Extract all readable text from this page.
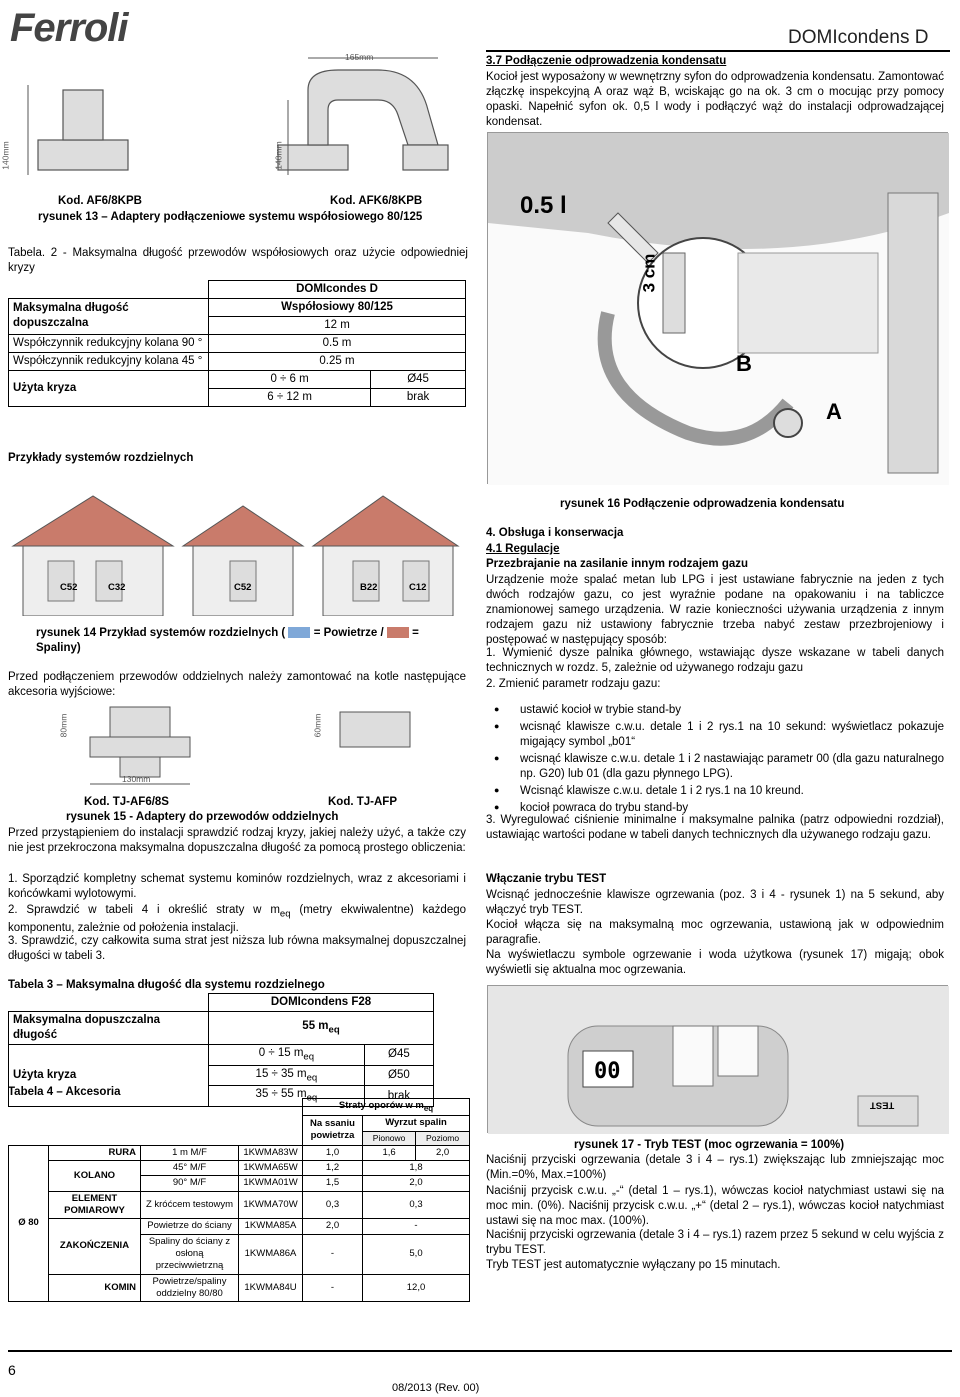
Ferroli	DOMIcondens D
165mm
140mm	140mm
Kod. AF6/8KPB	Kod. AFK6/8KPB
rysunek 13 – Adaptery podłączeniowe systemu współosiowego 80/125
Tabela. 2 - Maksymalna długość przewodów współosiowych oraz użycie odpowiedniej kryzy
	DOMIcondes D	
Maksymalna długość dopuszczalna	Współosiowy 80/125	
	12 m	
Współczynnik redukcyjny kolana 90 °	0.5 m	
Współczynnik redukcyjny kolana 45 °	0.25 m	
Użyta kryza	0 ÷ 6 m	Ø45
	6 ÷ 12 m	brak
3.7 Podłączenie odprowadzenia kondensatu
Kocioł jest wyposażony w wewnętrzny syfon do odprowadzenia kondensatu. Zamontować złączkę inspekcyjną A oraz wąż B, wciskając go na ok. 3 cm o mocując przy pomocy opaski. Napełnić syfon ok. 0,5 l wody i podłączyć wąż do instalacji odprowadzającej kondensat.
0.5 l
3 cm
B
A
rysunek 16 Podłączenie odprowadzenia kondensatu
Przykłady systemów rozdzielnych
C52	C32	C52	B22	C12
rysunek 14 Przykład systemów rozdzielnych ( = Powietrze / =
Spaliny)
Przed podłączeniem przewodów oddzielnych należy zamontować na kotle następujące akcesoria wyjściowe:
80mm	60mm
130mm
Kod. TJ-AF6/8S	Kod. TJ-AFP
rysunek 15 - Adaptery do przewodów oddzielnych
Przed przystąpieniem do instalacji sprawdzić rodzaj kryzy, jakiej należy użyć, a także czy nie jest przekroczona maksymalna dopuszczalna długość za pomocą prostego obliczenia:
1. Sporządzić kompletny schemat systemu kominów rozdzielnych, wraz z akcesoriami i końcówkami wylotowymi.
2. Sprawdzić w tabeli 4 i określić straty w $m_{eq}$ (metry ekwiwalentne) każdego komponentu, zależnie od położenia instalacji.
3. Sprawdzić, czy całkowita suma strat jest niższa lub równa maksymalnej dopuszczalnej długości w tabeli 3.
Tabela 3 – Maksymalna długość dla systemu rozdzielnego
	DOMIcondens F28	
Maksymalna dopuszczalna długość	55 $m_{eq}$
Użyta kryza	0 ÷ 15 $m_{eq}$	Ø45
	15 ÷ 35 $m_{eq}$	Ø50
	35 ÷ 55 $m_{eq}$	brak
Tabela 4 – Akcesoria
				Straty oporów w $m_{eq}$
				Na ssaniu powietrza	Wyrzut spalin	
					Pionowo	Poziomo
Ø 80	RURA	1 m M/F	1KWMA83W	1,0	1,6	2,0
	KOLANO	45° M/F	1KWMA65W	1,2	1,8	
		90° M/F	1KWMA01W	1,5	2,0	
	ELEMENT POMIAROWY	Z króćcem testowym	1KWMA70W	0,3	0,3	
	ZAKOŃCZENIA	Powietrze do ściany	1KWMA85A	2,0	-	
		Spaliny do ściany z osłoną przeciwwietrzną	1KWMA86A	-	5,0	
	KOMIN	Powietrze/spaliny oddzielny 80/80	1KWMA84U	-	12,0	
4. Obsługa i konserwacja
4.1 Regulacje
Przezbrajanie na zasilanie innym rodzajem gazu
Urządzenie może spalać metan lub LPG i jest ustawiane fabrycznie na jeden z tych dwóch rodzajów gazu, co jest wyraźnie podane na opakowaniu i na tabliczce znamionowej samego urządzenia. W razie konieczności używania urządzenia z innym rodzajem gazu niż ustawiony fabrycznie trzeba nabyć zestaw przezbrojeniowy i postępować w następujący sposób:
1. Wymienić dysze palnika głównego, wstawiając dysze wskazane w tabeli danych technicznych w rozdz. 5, zależnie od używanego rodzaju gazu
2. Zmienić parametr rodzaju gazu:
● ustawić kocioł w trybie stand-by
● wcisnąć klawisze c.w.u. detale 1 i 2 rys.1 na 10 sekund: wyświetlacz pokazuje migający symbol „b01“
● wcisnąć klawisze c.w.u. detale 1 i 2 nastawiając parametr 00 (dla gazu naturalnego np. G20) lub 01 (dla gazu płynnego LPG).
● Wcisnąć klawisze c.w.u. detale 1 i 2 rys.1 na 10 kreund.
● kocioł powraca do trybu stand-by
3. Wyregulować ciśnienie minimalne i maksymalne palnika (patrz odpowiedni rozdział), ustawiając wartości podane w tabeli danych technicznych dla używanego rodzaju gazu.
Włączanie trybu TEST
Wcisnąć jednocześnie klawisze ogrzewania (poz. 3 i 4 - rysunek 1) na 5 sekund, aby włączyć tryb TEST.
Kocioł włącza się na maksymalną moc ogrzewania, ustawioną jak w odpowiednim paragrafie.
Na wyświetlaczu symbole ogrzewanie i woda użytkowa (rysunek 17) migają; obok wyświetli się aktualna moc ogrzewania.
00
TEST
rysunek 17 - Tryb TEST (moc ogrzewania = 100%)
Naciśnij przyciski ogrzewania (detale 3 i 4 – rys.1) zwiększając lub zmniejszając moc (Min.=0%, Max.=100%)
Naciśnij przycisk c.w.u. „-“ (detal 1 – rys.1), wówczas kocioł natychmiast ustawi się na moc min. (0%). Naciśnij przycisk c.w.u. „+“ (detal 2 – rys.1), wówczas kocioł natychmiast ustawi się na moc max. (100%).
Naciśnij przyciski ogrzewania (detale 3 i 4 – rys.1) razem przez 5 sekund w celu wyjścia z trybu TEST.
Tryb TEST jest automatycznie wyłączany po 15 minutach.
6
08/2013 (Rev. 00)
